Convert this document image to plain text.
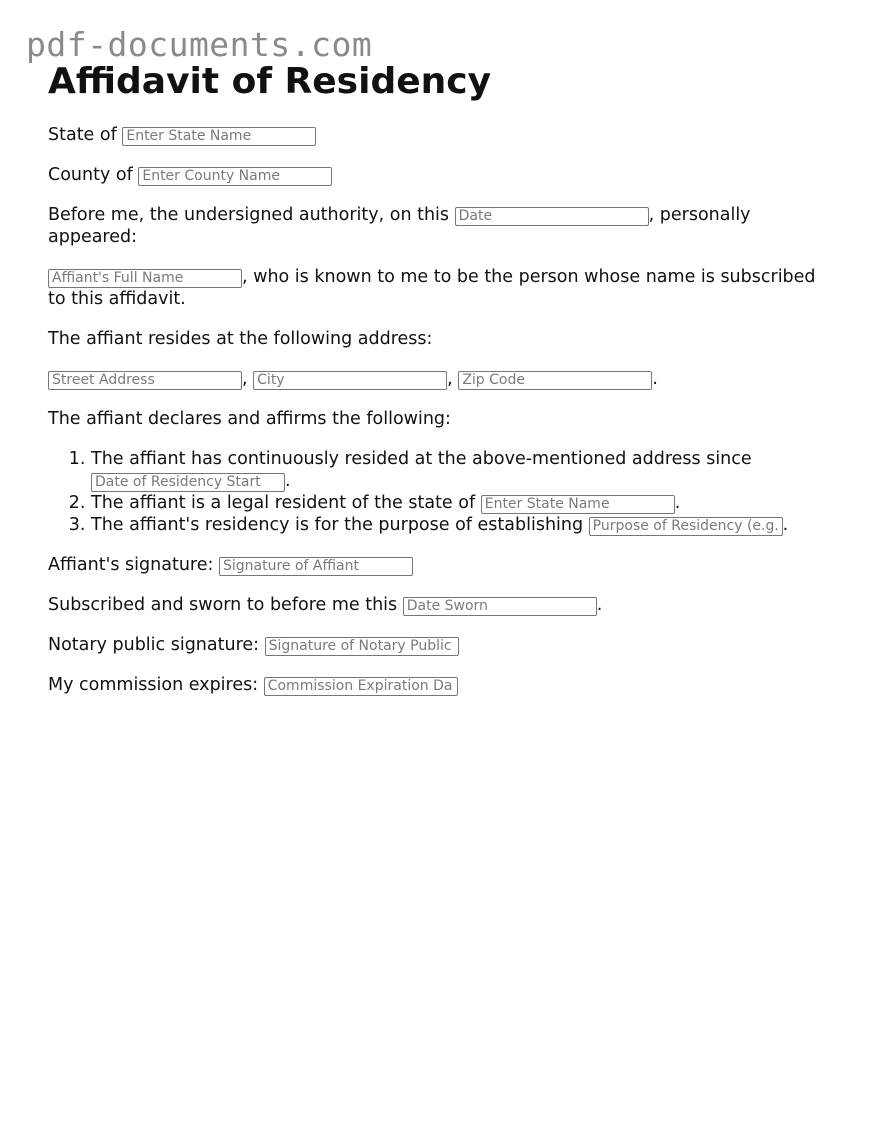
pdf-documents.com
Affidavit of Residency

State of Enter State Name

County of Enter County Name

Before me, the undersigned authority, on this Date	, personally appeared:

Affiant's Full Name, who is known to me to be the person whose name is subscribed to this affidavit.

The affiant resides at the following address:

Street Address, City	, Zip Code	.

The affiant declares and affirms the following:

1. The affiant has continuously resided at the above-mentioned address since Date of Residency Start.
2. The affiant is a legal resident of the state of Enter State Name	.
3. The affiant's residency is for the purpose of establishing Purpose of Residency (e.g.	.

Affiant's signature: Signature of Affiant

Subscribed and sworn to before me this Date Sworn	.

Notary public signature: Signature of Notary Public

My commission expires: Commission Expiration Da
